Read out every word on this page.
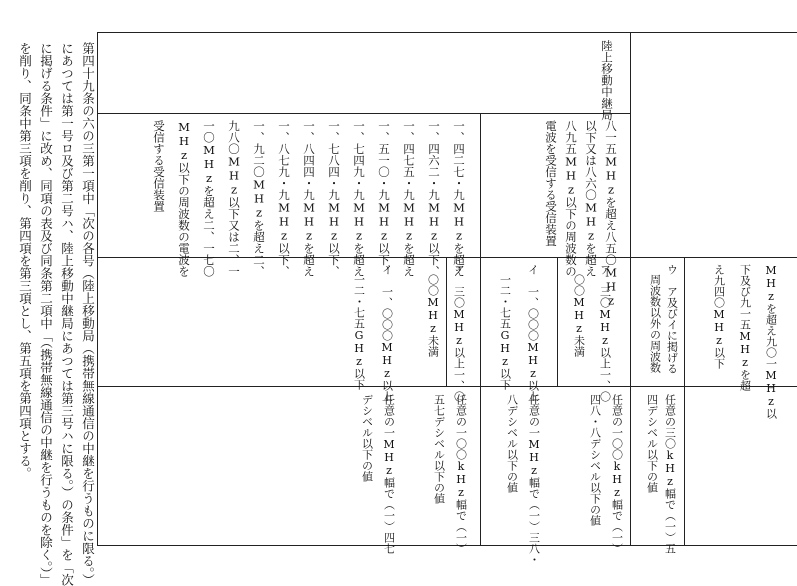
第四十九条の六の三第一項中「次の各号（陸上移動局（携帯無線通信の中継を行うものに限る。）
にあつては第一号ロ及び第二号ハ、陸上移動中継局にあつては第三号ハに限る。）の条件」を「次
に掲げる条件」に改め、同項の表及び同条第二項中「（携帯無線通信の中継を行うものを除く。）」
を削り、同条中第三項を削り、第四項を第三項とし、第五項を第四項とする。	陸上移動中継局
八一五MHzを超え八五〇MHz
以下又は八六〇MHzを超え
八九五MHz以下の周波数の
電波を受信する受信装置
一、四二七・九MHzを超え
一、四六二・九MHz以下、
一、四七五・九MHzを超え
一、五一〇・九MHz以下、
一、七四九・九MHzを超え
一、七八四・九MHz以下、
一、八四四・九MHzを超え
一、八七九・九MHz以下、
一、九二〇MHzを超え二、
九八〇MHz以下又は二、一
一〇MHzを超え二、一七〇
MHz以下の周波数の電波を
受信する受信装置
MHzを超え九〇一MHz以
下及び九一五MHzを超
え九四〇MHz以下
ウ　ア及びイに掲げる
周波数以外の周波数
ア　三〇MHz以上一、〇
〇〇MHz未満
イ　一、〇〇〇MHz以上
一二・七五GHz以下
ア　三〇MHz以上一、〇
〇〇MHz未満
イ　一、〇〇〇MHz以上
一二・七五GHz以下
任意の三〇kHz幅で（一）五
四デシベル以下の値
任意の一〇〇kHz幅で（一）
四八・八デシベル以下の値
任意の一MHz幅で（一）三八・
八デシベル以下の値
任意の一〇〇kHz幅で（一）
五七デシベル以下の値
任意の一MHz幅で（一）四七
デシベル以下の値
